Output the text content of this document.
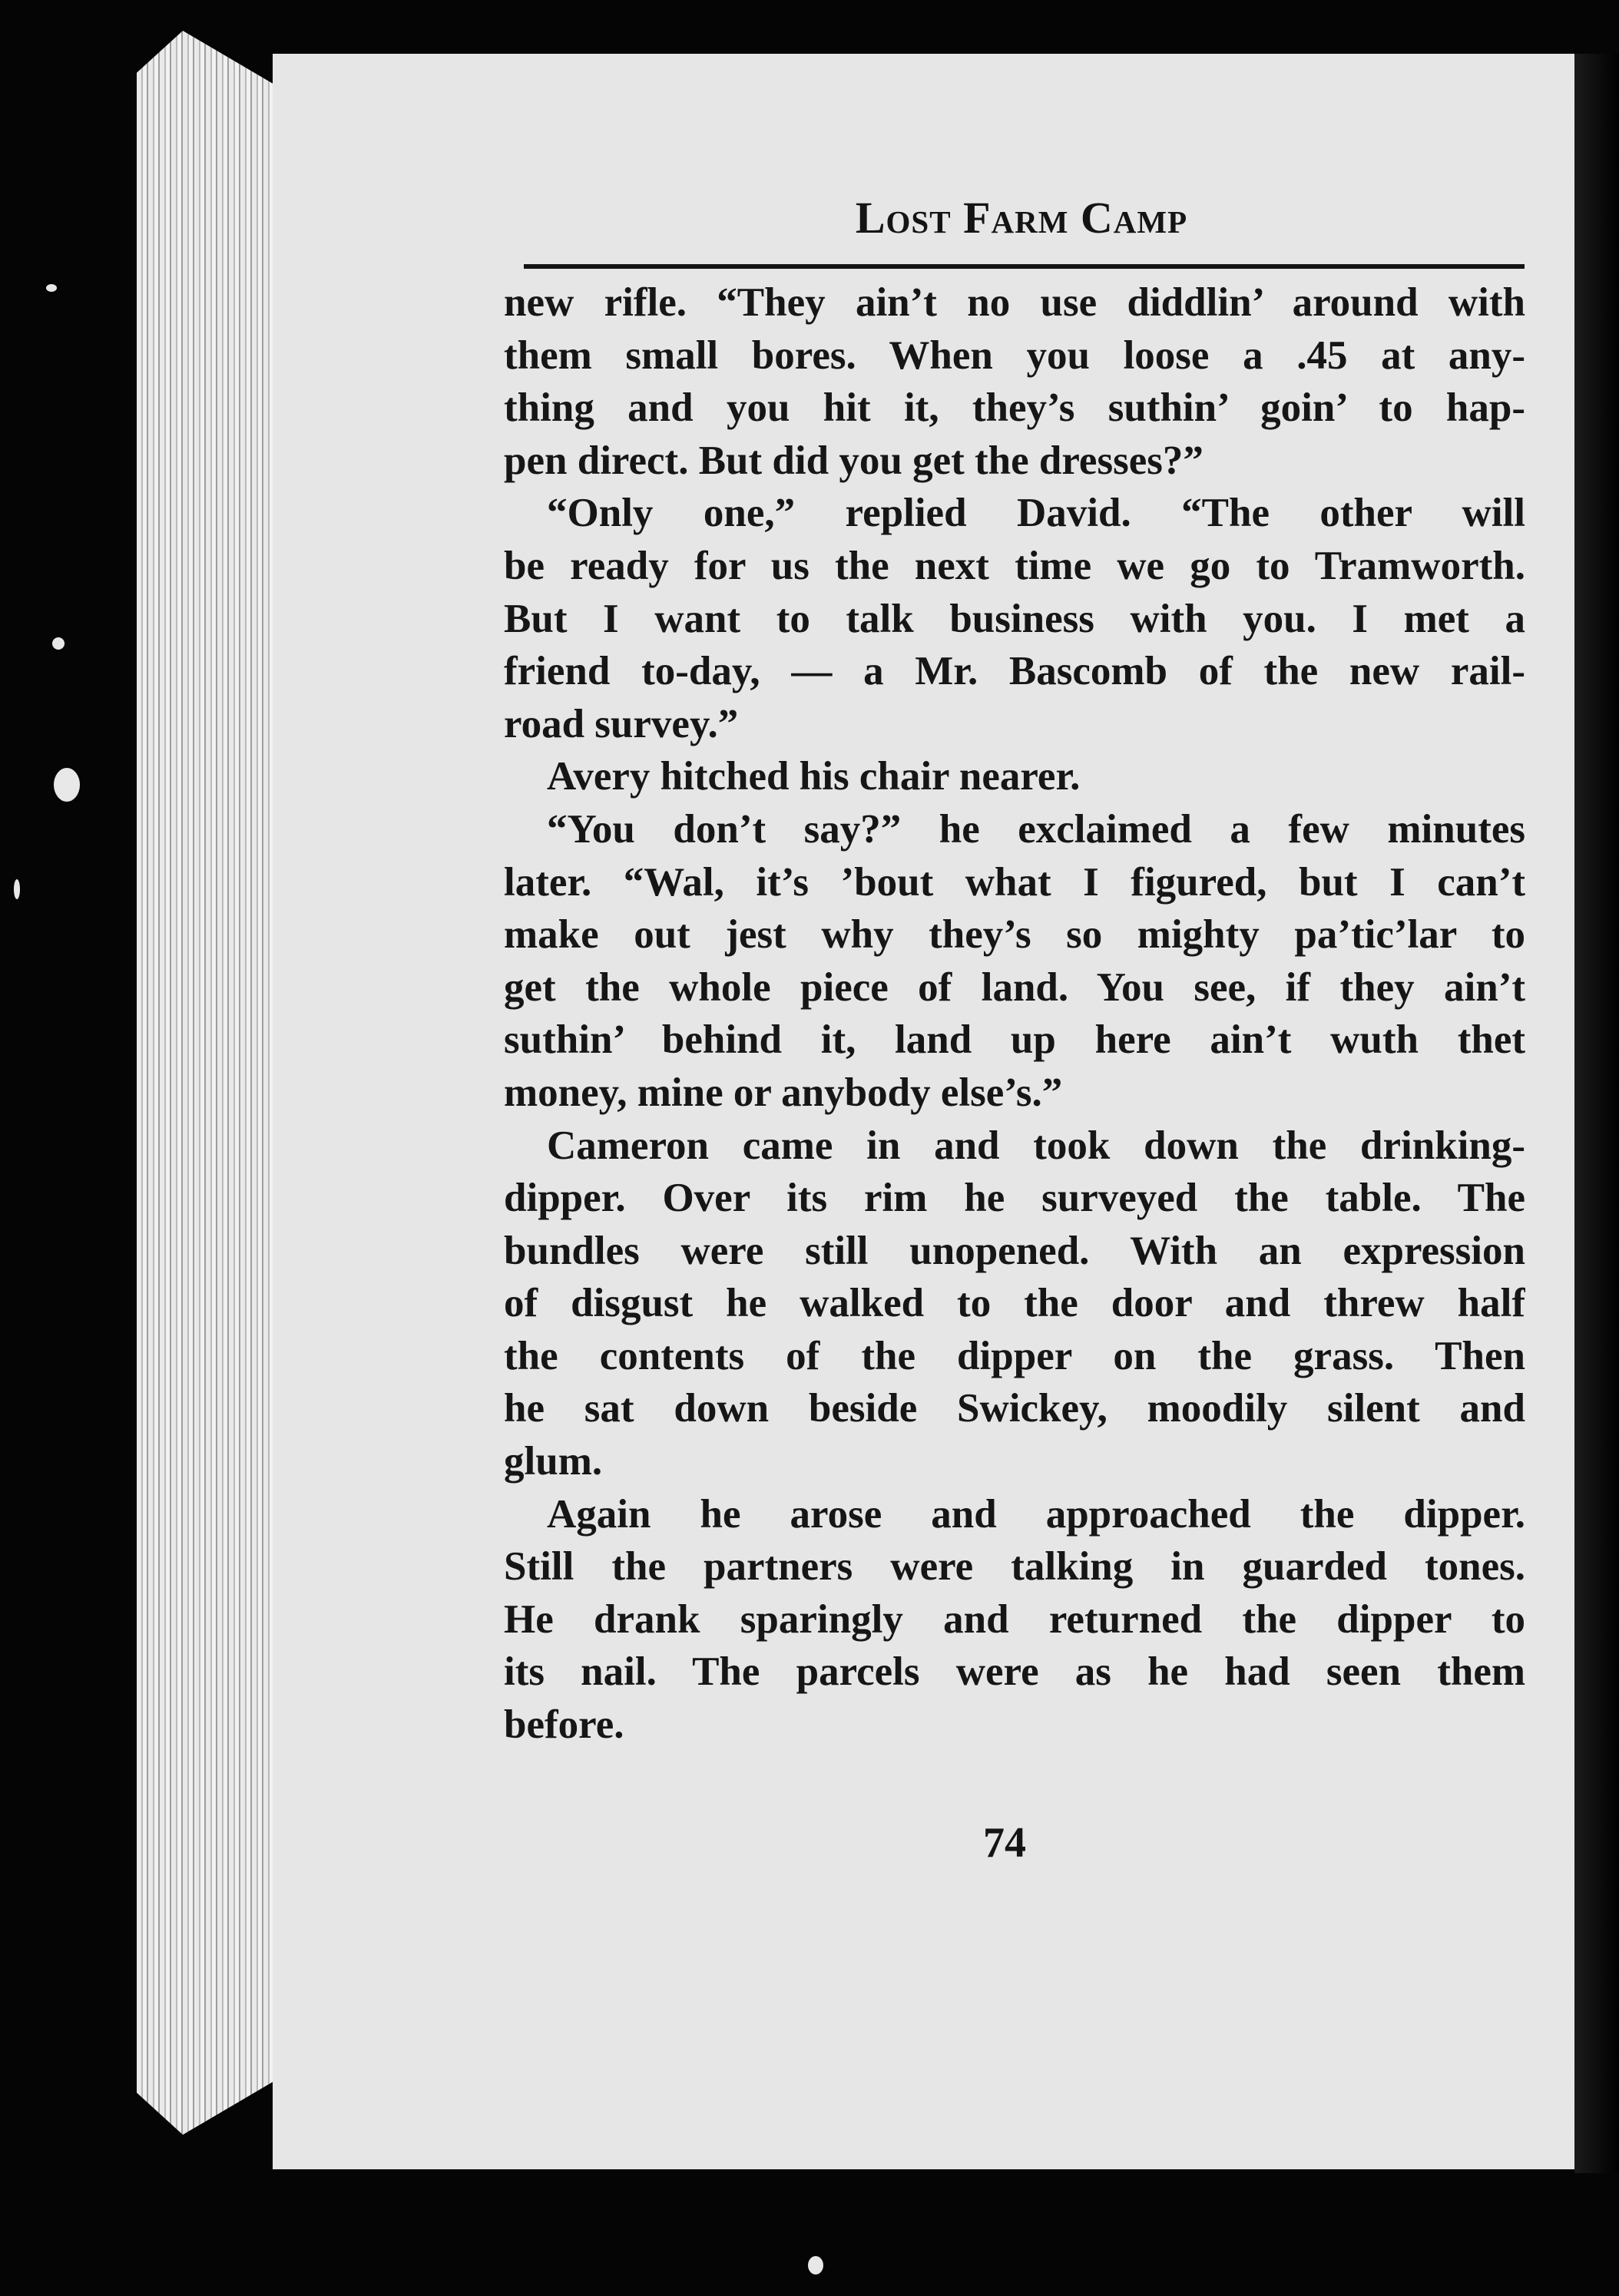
Lost Farm Camp
new rifle. “They ain’t no use diddlin’ around with
them small bores. When you loose a .45 at any-
thing and you hit it, they’s suthin’ goin’ to hap-
pen direct. But did you get the dresses?”
“Only one,” replied David. “The other will
be ready for us the next time we go to Tramworth.
But I want to talk business with you. I met a
friend to-day, — a Mr. Bascomb of the new rail-
road survey.”
Avery hitched his chair nearer.
“You don’t say?” he exclaimed a few minutes
later. “Wal, it’s ’bout what I figured, but I can’t
make out jest why they’s so mighty pa’tic’lar to
get the whole piece of land. You see, if they ain’t
suthin’ behind it, land up here ain’t wuth thet
money, mine or anybody else’s.”
Cameron came in and took down the drinking-
dipper. Over its rim he surveyed the table. The
bundles were still unopened. With an expression
of disgust he walked to the door and threw half
the contents of the dipper on the grass. Then
he sat down beside Swickey, moodily silent and
glum.
Again he arose and approached the dipper.
Still the partners were talking in guarded tones.
He drank sparingly and returned the dipper to
its nail. The parcels were as he had seen them
before.
74
